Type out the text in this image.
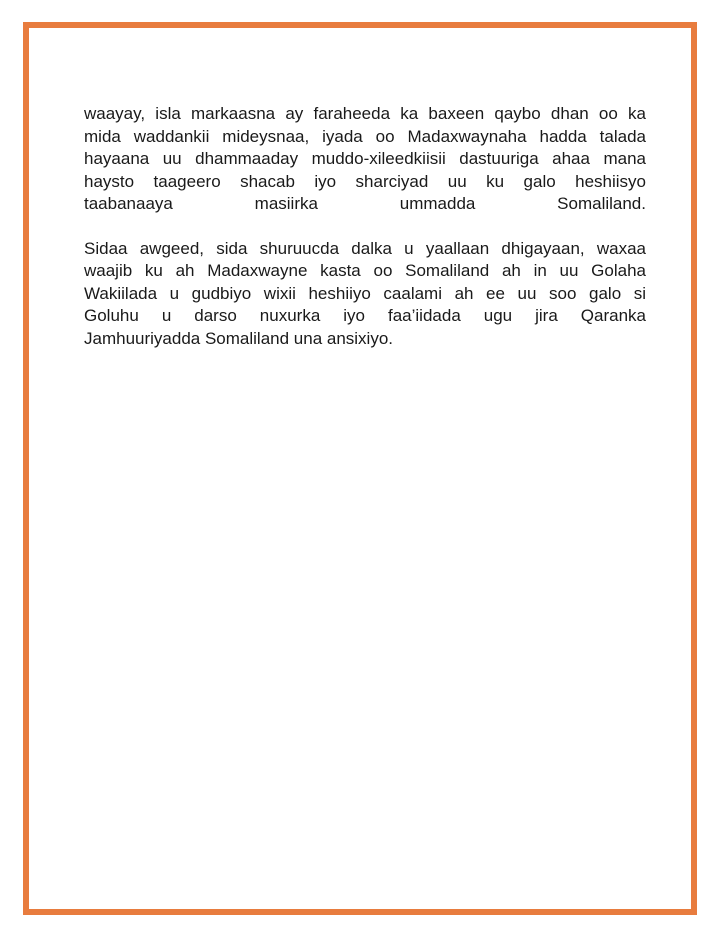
waayay, isla markaasna ay faraheeda ka baxeen qaybo dhan oo ka
mida waddankii mideysnaa, iyada oo Madaxwaynaha hadda talada
hayaana uu dhammaaday muddo-xileedkiisii dastuuriga ahaa mana
haysto taageero shacab iyo sharciyad uu ku galo heshiisyo
taabanaaya masiirka ummadda Somaliland.

Sidaa awgeed, sida shuruucda dalka u yaallaan dhigayaan, waxaa
waajib ku ah Madaxwayne kasta oo Somaliland ah in uu Golaha
Wakiilada u gudbiyo wixii heshiiyo caalami ah ee uu soo galo si
Goluhu u darso nuxurka iyo faa’iidada ugu jira Qaranka
Jamhuuriyadda Somaliland una ansixiyo.
